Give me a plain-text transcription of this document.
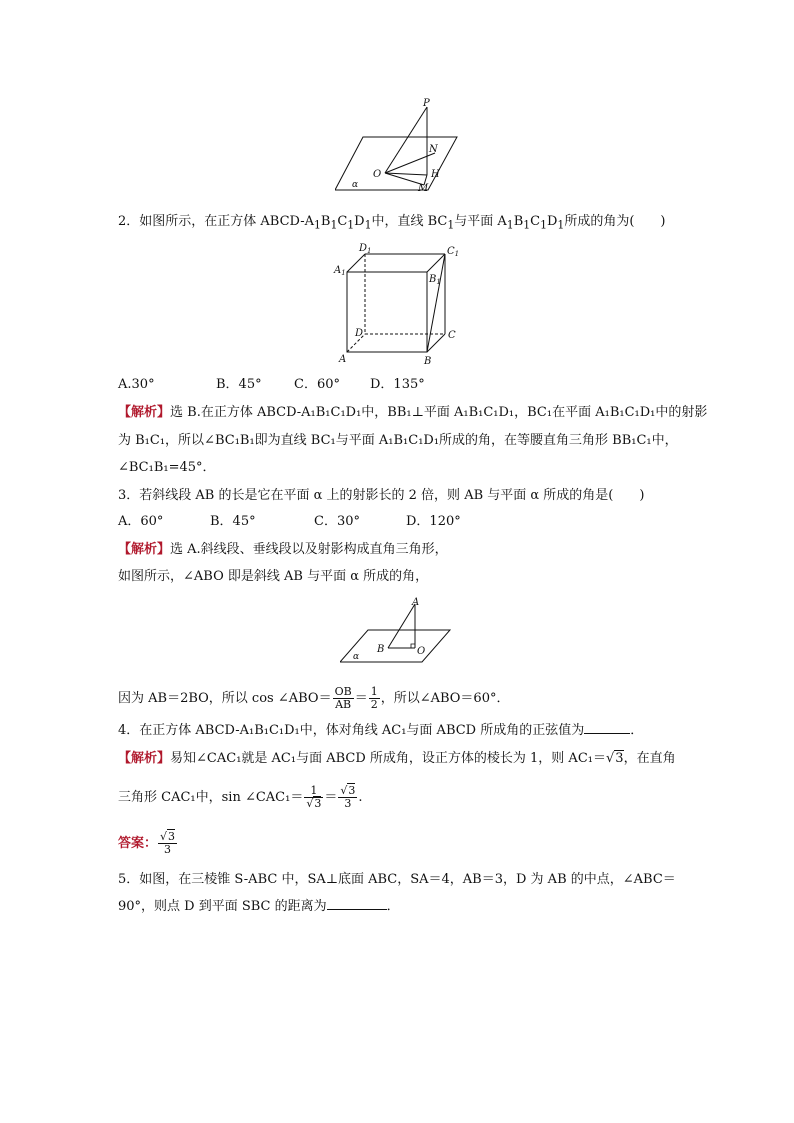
P
N
O	H
M
α
2．如图所示，在正方体 ABCD-$A_1B_1C_1D_1$中，直线 $BC_1$与平面 $A_1B_1C_1D_1$所成的角为(　　)
$D_1$	$C_1$
$A_1$
$B_1$
D	C
A	B
A.30°	B．45° C．60° D．135°
【解析】选 B.在正方体 ABCD-A₁B₁C₁D₁中，BB₁⊥平面 A₁B₁C₁D₁，BC₁在平面 A₁B₁C₁D₁中的射影
为 B₁C₁，所以∠BC₁B₁即为直线 BC₁与平面 A₁B₁C₁D₁所成的角，在等腰直角三角形 BB₁C₁中，
∠BC₁B₁=45°．
3．若斜线段 AB 的长是它在平面 α 上的射影长的 2 倍，则 AB 与平面 α 所成的角是(　　)
A．60°	B．45°	C．30°	D．120°
【解析】选 A.斜线段、垂线段以及射影构成直角三角形，
如图所示，∠ABO 即是斜线 AB 与平面 α 所成的角，
A
B	O
α
因为 AB＝2BO，所以 cos ∠ABO＝ $\frac{OB}{AB} = \frac{1}{2}$ ，所以∠ABO＝60°．
4．在正方体 ABCD-A₁B₁C₁D₁中，体对角线 AC₁与面 ABCD 所成角的正弦值为	．
【解析】易知∠CAC₁就是 AC₁与面 ABCD 所成角，设正方体的棱长为 1，则 AC₁＝√3，在直角
三角形 CAC₁中，sin ∠CAC₁＝ $\frac{1}{√3} = \frac{√3}{3}$ .
答案： $\frac{√3}{3}$
5．如图，在三棱锥 S-ABC 中，SA⊥底面 ABC，SA＝4，AB＝3，D 为 AB 的中点，∠ABC＝
90°，则点 D 到平面 SBC 的距离为	．
